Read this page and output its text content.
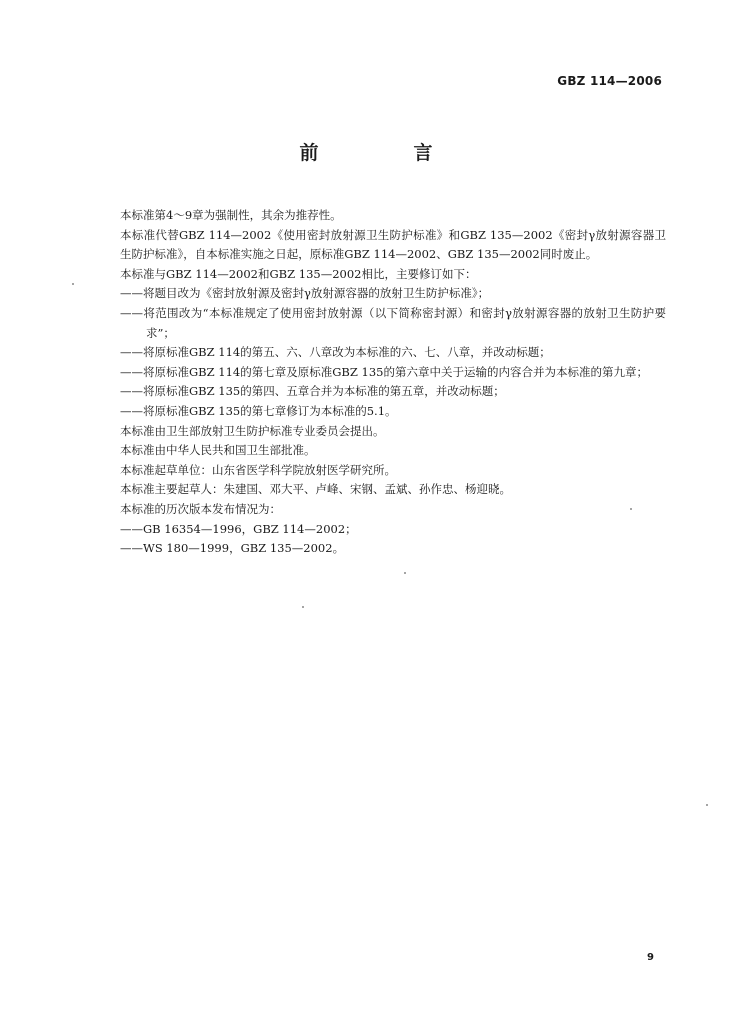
GBZ 114—2006
前　言
本标准第4～9章为强制性，其余为推荐性。
本标准代替GBZ 114—2002《使用密封放射源卫生防护标准》和GBZ 135—2002《密封γ放射源容器卫生防护标准》，自本标准实施之日起，原标准GBZ 114—2002、GBZ 135—2002同时废止。
本标准与GBZ 114—2002和GBZ 135—2002相比，主要修订如下：
——将题目改为《密封放射源及密封γ放射源容器的放射卫生防护标准》；
——将范围改为“本标准规定了使用密封放射源（以下简称密封源）和密封γ放射源容器的放射卫生防护要求”；
——将原标准GBZ 114的第五、六、八章改为本标准的六、七、八章，并改动标题；
——将原标准GBZ 114的第七章及原标准GBZ 135的第六章中关于运输的内容合并为本标准的第九章；
——将原标准GBZ 135的第四、五章合并为本标准的第五章，并改动标题；
——将原标准GBZ 135的第七章修订为本标准的5.1。
本标准由卫生部放射卫生防护标准专业委员会提出。
本标准由中华人民共和国卫生部批准。
本标准起草单位：山东省医学科学院放射医学研究所。
本标准主要起草人：朱建国、邓大平、卢峰、宋钢、孟斌、孙作忠、杨迎晓。
本标准的历次版本发布情况为：
——GB 16354—1996，GBZ 114—2002；
——WS 180—1999，GBZ 135—2002。
9
